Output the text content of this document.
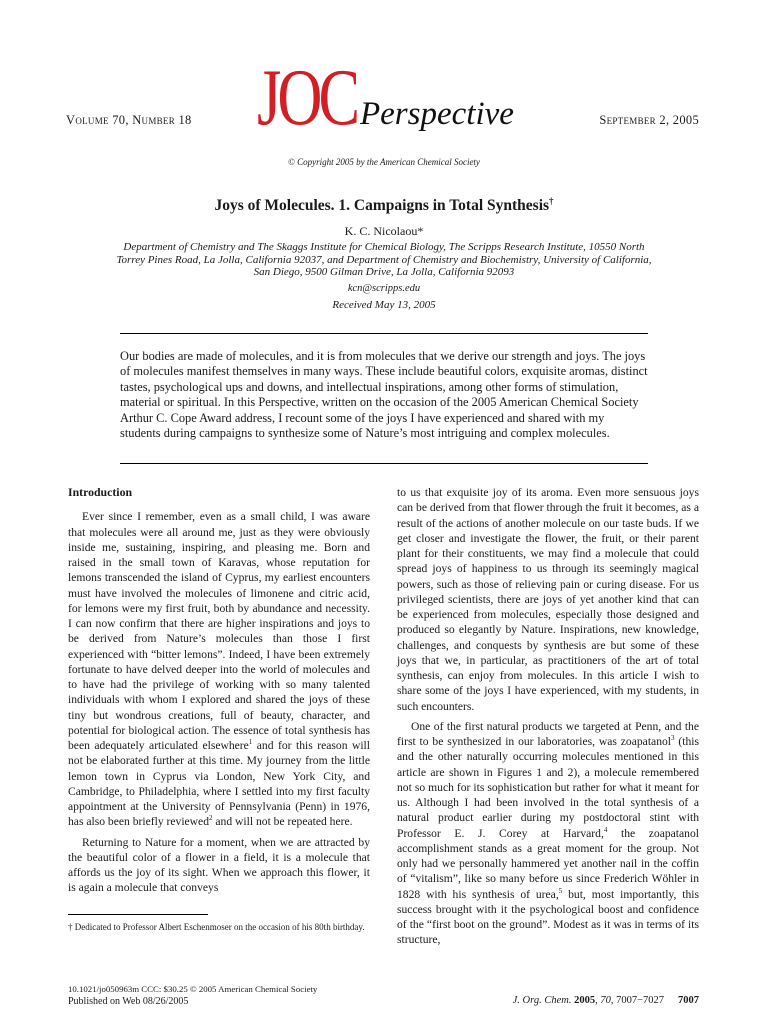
Volume 70, Number 18	September 2, 2005
JOC Perspective
© Copyright 2005 by the American Chemical Society
Joys of Molecules. 1. Campaigns in Total Synthesis†
K. C. Nicolaou*
Department of Chemistry and The Skaggs Institute for Chemical Biology, The Scripps Research Institute, 10550 North Torrey Pines Road, La Jolla, California 92037, and Department of Chemistry and Biochemistry, University of California, San Diego, 9500 Gilman Drive, La Jolla, California 92093
kcn@scripps.edu
Received May 13, 2005
Our bodies are made of molecules, and it is from molecules that we derive our strength and joys. The joys of molecules manifest themselves in many ways. These include beautiful colors, exquisite aromas, distinct tastes, psychological ups and downs, and intellectual inspirations, among other forms of stimulation, material or spiritual. In this Perspective, written on the occasion of the 2005 American Chemical Society Arthur C. Cope Award address, I recount some of the joys I have experienced and shared with my students during campaigns to synthesize some of Nature’s most intriguing and complex molecules.

Introduction

Ever since I remember, even as a small child, I was aware that molecules were all around me, just as they were obviously inside me, sustaining, inspiring, and pleasing me. Born and raised in the small town of Karavas, whose reputation for lemons transcended the island of Cyprus, my earliest encounters must have involved the molecules of limonene and citric acid, for lemons were my first fruit, both by abundance and necessity. I can now confirm that there are higher inspirations and joys to be derived from Nature’s molecules than those I first experienced with “bitter lemons”. Indeed, I have been extremely fortunate to have delved deeper into the world of molecules and to have had the privilege of working with so many talented individuals with whom I explored and shared the joys of these tiny but wondrous creations, full of beauty, character, and potential for biological action. The essence of total synthesis has been adequately articulated elsewhere$^1$ and for this reason will not be elaborated further at this time. My journey from the little lemon town in Cyprus via London, New York City, and Cambridge, to Philadelphia, where I settled into my first faculty appointment at the University of Pennsylvania (Penn) in 1976, has also been briefly reviewed$^2$ and will not be repeated here.

Returning to Nature for a moment, when we are attracted by the beautiful color of a flower in a field, it is a molecule that affords us the joy of its sight. When we approach this flower, it is again a molecule that conveys

to us that exquisite joy of its aroma. Even more sensuous joys can be derived from that flower through the fruit it becomes, as a result of the actions of another molecule on our taste buds. If we get closer and investigate the flower, the fruit, or their parent plant for their constituents, we may find a molecule that could spread joys of happiness to us through its seemingly magical powers, such as those of relieving pain or curing disease. For us privileged scientists, there are joys of yet another kind that can be experienced from molecules, especially those designed and produced so elegantly by Nature. Inspirations, new knowledge, challenges, and conquests by synthesis are but some of these joys that we, in particular, as practitioners of the art of total synthesis, can enjoy from molecules. In this article I wish to share some of the joys I have experienced, with my students, in such encounters.

One of the first natural products we targeted at Penn, and the first to be synthesized in our laboratories, was zoapatanol$^3$ (this and the other naturally occurring molecules mentioned in this article are shown in Figures 1 and 2), a molecule remembered not so much for its sophistication but rather for what it meant for us. Although I had been involved in the total synthesis of a natural product earlier during my postdoctoral stint with Professor E. J. Corey at Harvard,$^4$ the zoapatanol accomplishment stands as a great moment for the group. Not only had we personally hammered yet another nail in the coffin of “vitalism”, like so many before us since Frederich Wöhler in 1828 with his synthesis of urea,$^5$ but, most importantly, this success brought with it the psychological boost and confidence of the “first boot on the ground”. Modest as it was in terms of its structure,

† Dedicated to Professor Albert Eschenmoser on the occasion of his 80th birthday.
10.1021/jo050963m CCC: $30.25 © 2005 American Chemical Society
Published on Web 08/26/2005	J. Org. Chem. 2005, 70, 7007−7027 7007
